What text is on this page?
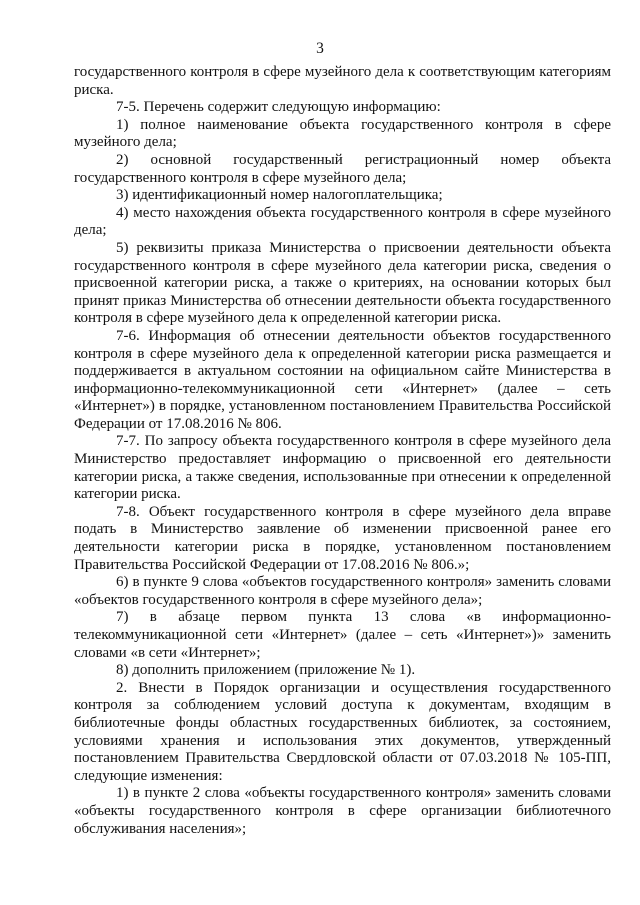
3

государственного контроля в сфере музейного дела к соответствующим категориям риска.

7-5. Перечень содержит следующую информацию:

1) полное наименование объекта государственного контроля в сфере музейного дела;

2) основной государственный регистрационный номер объекта государственного контроля в сфере музейного дела;

3) идентификационный номер налогоплательщика;

4) место нахождения объекта государственного контроля в сфере музейного дела;

5) реквизиты приказа Министерства о присвоении деятельности объекта государственного контроля в сфере музейного дела категории риска, сведения о присвоенной категории риска, а также о критериях, на основании которых был принят приказ Министерства об отнесении деятельности объекта государственного контроля в сфере музейного дела к определенной категории риска.

7-6. Информация об отнесении деятельности объектов государственного контроля в сфере музейного дела к определенной категории риска размещается и поддерживается в актуальном состоянии на официальном сайте Министерства в информационно-телекоммуникационной сети «Интернет» (далее – сеть «Интернет») в порядке, установленном постановлением Правительства Российской Федерации от 17.08.2016 № 806.

7-7. По запросу объекта государственного контроля в сфере музейного дела Министерство предоставляет информацию о присвоенной его деятельности категории риска, а также сведения, использованные при отнесении к определенной категории риска.

7-8. Объект государственного контроля в сфере музейного дела вправе подать в Министерство заявление об изменении присвоенной ранее его деятельности категории риска в порядке, установленном постановлением Правительства Российской Федерации от 17.08.2016 № 806.»;

6) в пункте 9 слова «объектов государственного контроля» заменить словами «объектов государственного контроля в сфере музейного дела»;

7) в абзаце первом пункта 13 слова «в информационно-телекоммуникационной сети «Интернет» (далее – сеть «Интернет»)» заменить словами «в сети «Интернет»;

8) дополнить приложением (приложение № 1).

2. Внести в Порядок организации и осуществления государственного контроля за соблюдением условий доступа к документам, входящим в библиотечные фонды областных государственных библиотек, за состоянием, условиями хранения и использования этих документов, утвержденный постановлением Правительства Свердловской области от 07.03.2018 № 105-ПП, следующие изменения:

1) в пункте 2 слова «объекты государственного контроля» заменить словами «объекты государственного контроля в сфере организации библиотечного обслуживания населения»;
